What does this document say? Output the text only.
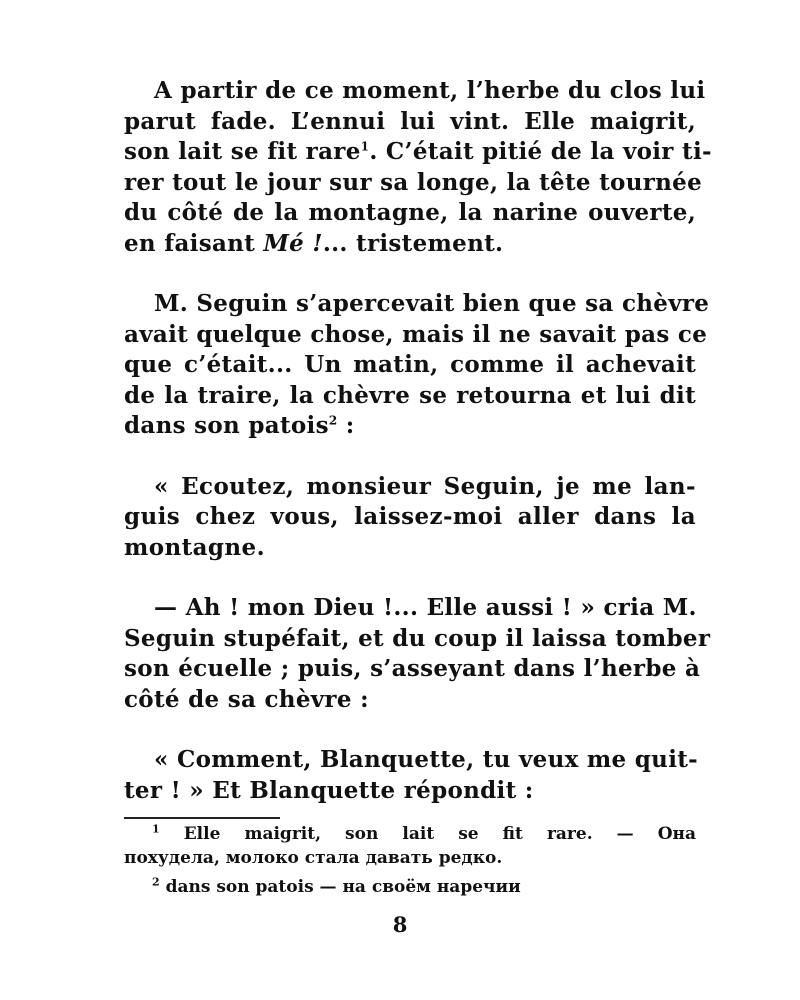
A partir de ce moment, l’herbe du clos lui
parut fade. L’ennui lui vint. Elle maigrit,
son lait se fit rare$^1$. C’était pitié de la voir ti-
rer tout le jour sur sa longe, la tête tournée
du côté de la montagne, la narine ouverte,
en faisant Mé !... tristement.
M. Seguin s’apercevait bien que sa chèvre
avait quelque chose, mais il ne savait pas ce
que c’était... Un matin, comme il achevait
de la traire, la chèvre se retourna et lui dit
dans son patois$^2$ :
« Ecoutez, monsieur Seguin, je me lan-
guis chez vous, laissez-moi aller dans la
montagne.
— Ah ! mon Dieu !... Elle aussi ! » cria M.
Seguin stupéfait, et du coup il laissa tomber
son écuelle ; puis, s’asseyant dans l’herbe à
côté de sa chèvre :
« Comment, Blanquette, tu veux me quit-
ter ! » Et Blanquette répondit :
$^1$ Elle maigrit, son lait se fit rare. — Она
похудела, молоко стала давать редко.
$^2$ dans son patois — на своём наречии
8
